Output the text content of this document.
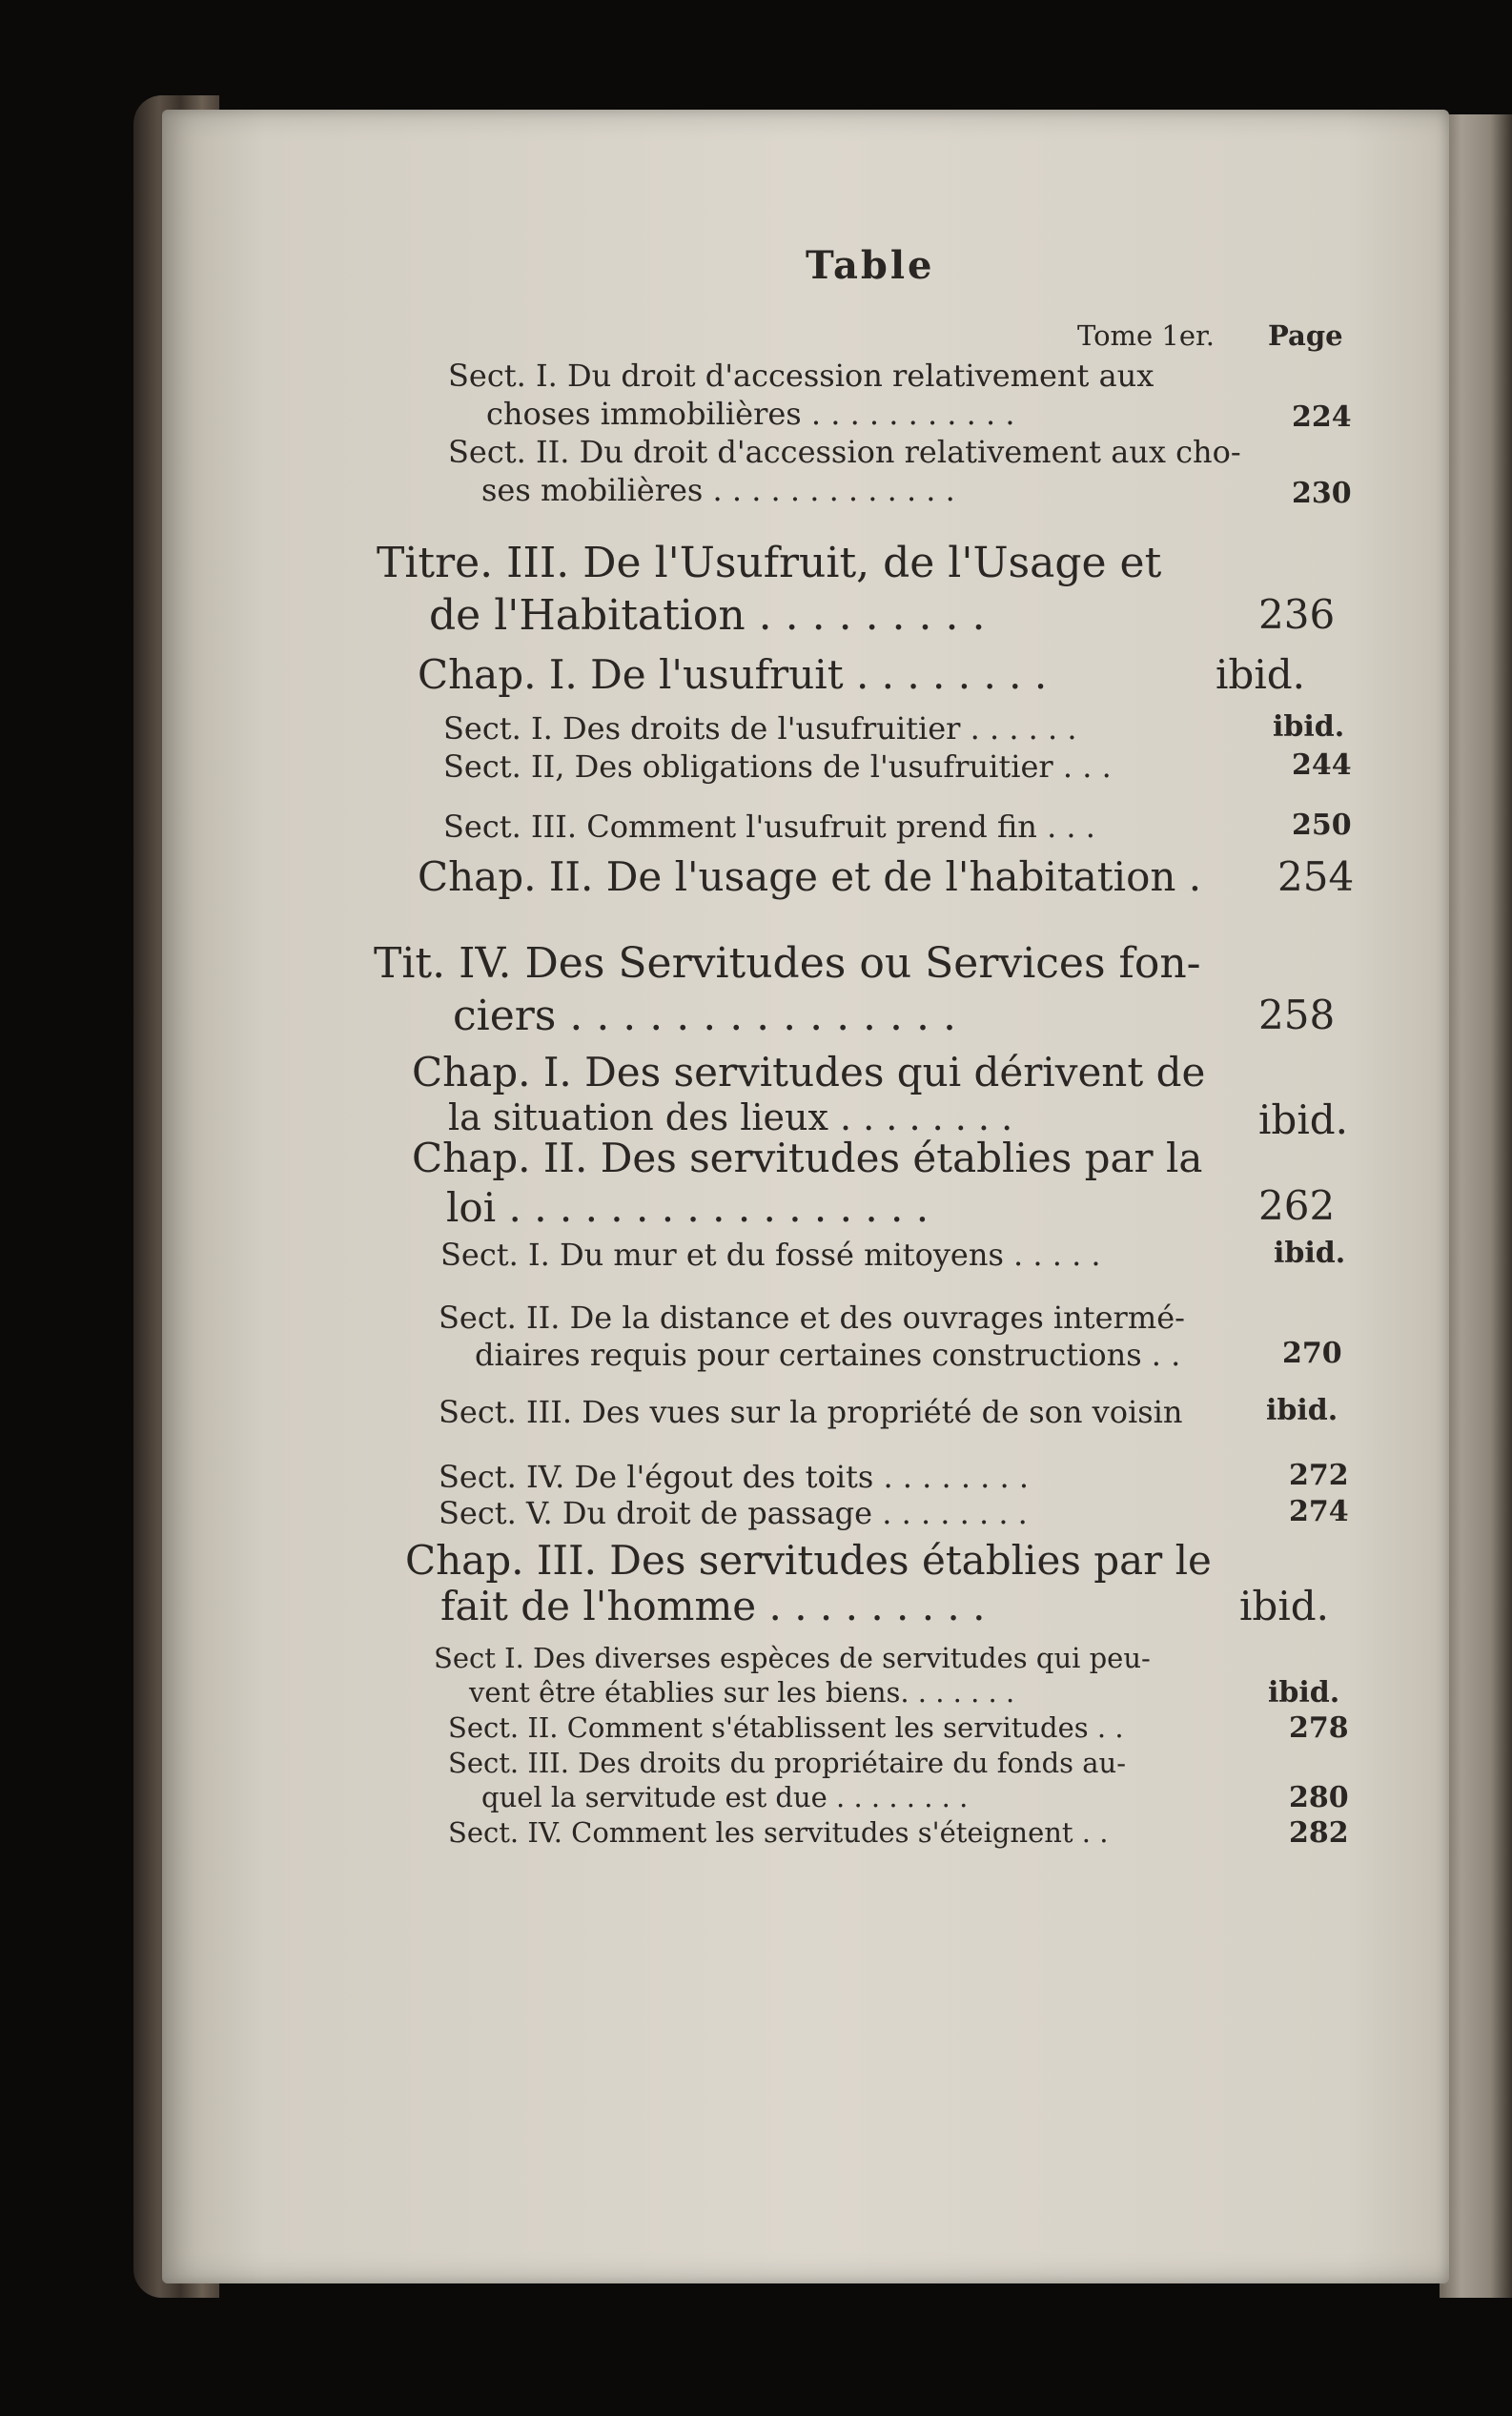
Table
Tome 1er. Page
Sect. I. Du droit d'accession relativement aux
choses immobilières . . . . . . . . . . .	224
Sect. II. Du droit d'accession relativement aux cho-
ses mobilières . . . . . . . . . . . . .	230
Titre. III. De l'Usufruit, de l'Usage et
de l'Habitation . . . . . . . . .	236
Chap. I. De l'usufruit . . . . . . . .	ibid.
Sect. I. Des droits de l'usufruitier . . . . . .	ibid.
Sect. II, Des obligations de l'usufruitier . . .	244
Sect. III. Comment l'usufruit prend fin . . .	250
Chap. II. De l'usage et de l'habitation . 254
Tit. IV. Des Servitudes ou Services fon-
ciers . . . . . . . . . . . . . . .	258
Chap. I. Des servitudes qui dérivent de
la situation des lieux . . . . . . . .	ibid.
Chap. II. Des servitudes établies par la
loi . . . . . . . . . . . . . . . . .	262
Sect. I. Du mur et du fossé mitoyens . . . . .	ibid.
Sect. II. De la distance et des ouvrages intermé-
diaires requis pour certaines constructions . .	270
Sect. III. Des vues sur la propriété de son voisin	ibid.
Sect. IV. De l'égout des toits . . . . . . . .	272
Sect. V. Du droit de passage . . . . . . . .	274
Chap. III. Des servitudes établies par le
fait de l'homme . . . . . . . . .	ibid.
Sect I. Des diverses espèces de servitudes qui peu-
vent être établies sur les biens. . . . . . .	ibid.
Sect. II. Comment s'établissent les servitudes . .	278
Sect. III. Des droits du propriétaire du fonds au-
quel la servitude est due . . . . . . . .	280
Sect. IV. Comment les servitudes s'éteignent . .	282
